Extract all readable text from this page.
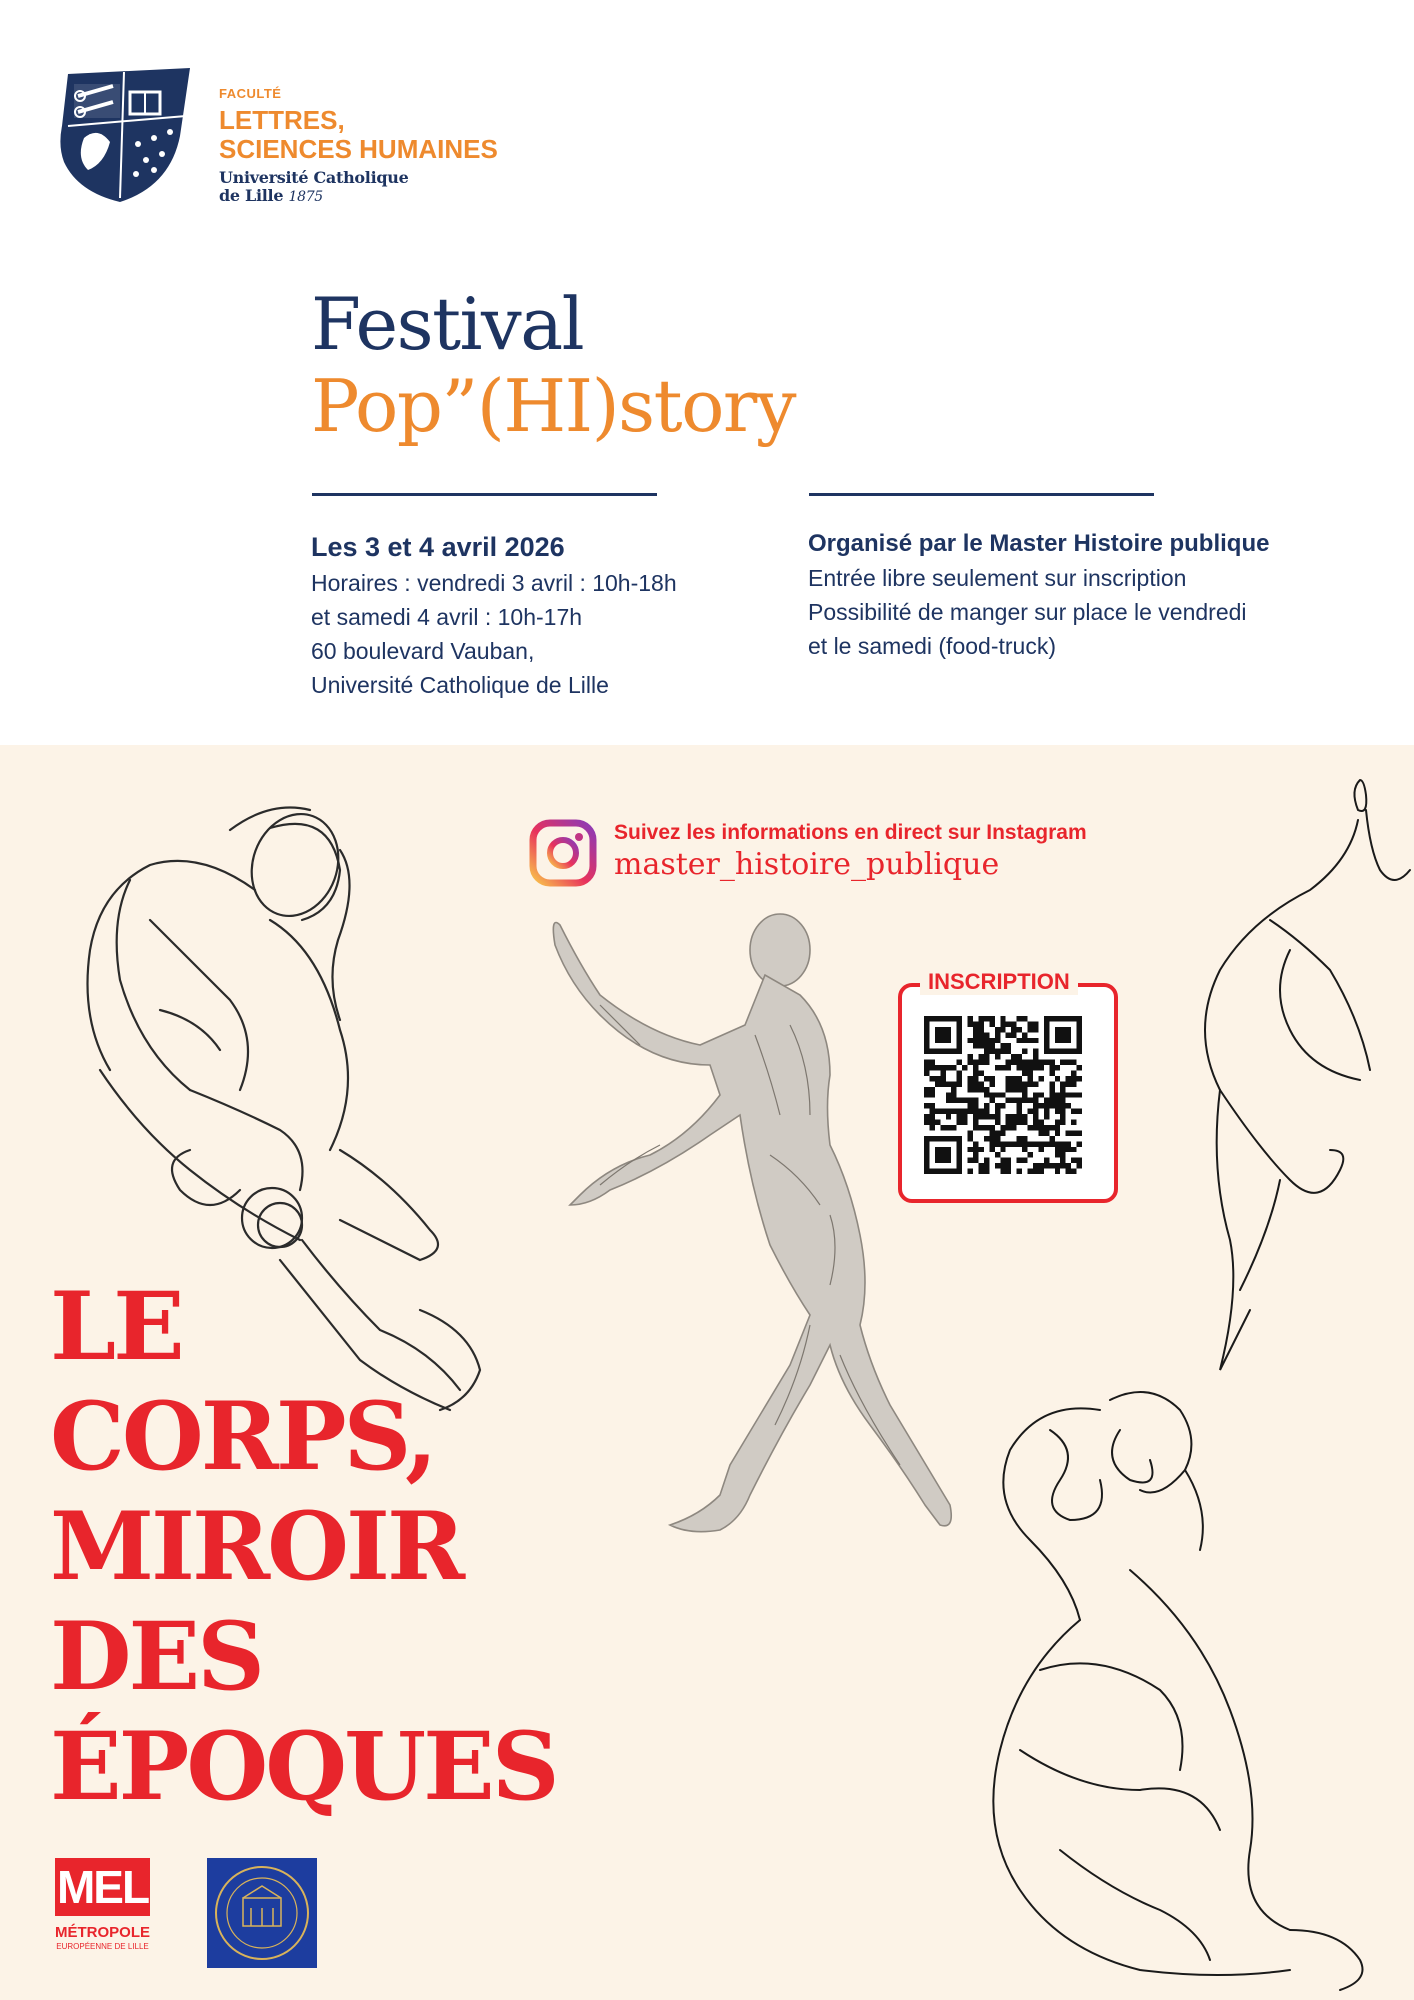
FACULTÉ
LETTRES,
SCIENCES HUMAINES
Université Catholique
de Lille 1875
Festival
Pop”(HI)story
Les 3 et 4 avril 2026
Horaires : vendredi 3 avril : 10h-18h
et samedi 4 avril : 10h-17h
60 boulevard Vauban,
Université Catholique de Lille
Organisé par le Master Histoire publique
Entrée libre seulement sur inscription
Possibilité de manger sur place le vendredi
et le samedi (food-truck)
Suivez les informations en direct sur Instagram
master_histoire_publique
INSCRIPTION
LE
CORPS,
MIROIR
DES
ÉPOQUES
MEL
MÉTROPOLE
EUROPÉENNE DE LILLE
